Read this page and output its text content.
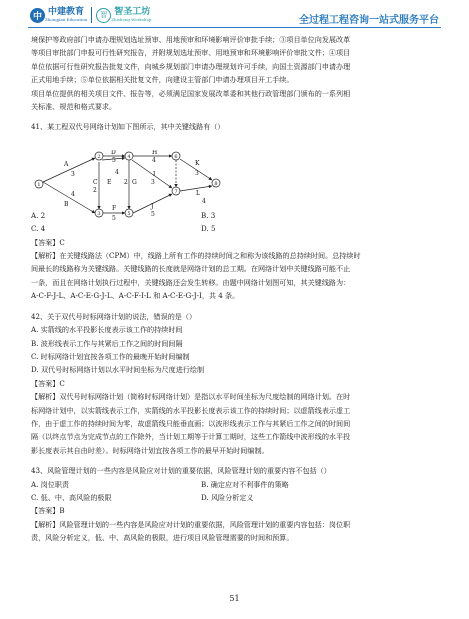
中 中建教育
Zhongjian Education
智 智圣工坊
Zhisheng Workshop	全过程工程咨询一站式服务平台

境保护等政府部门申请办理规划选址预审、用地预审和环境影响评价审批手续；③项目单位向发展改革

等项目审批部门申报可行性研究报告，并附规划选址预审、用地预审和环境影响评价审批文件；④项目

单位依据可行性研究报告批复文件，向城乡规划部门申请办理规划许可手续，向国土资源部门申请办理

正式用地手续；⑤单位依据相关批复文件，向建设主管部门申请办理项目开工手续。

项目单位提供的相关项目文件、报告等，必须满足国家发展改革委和其他行政管理部门颁布的一系列相

关标准、规范和格式要求。

41、某工程双代号网络计划如下图所示，其中关键线路有（）

A. 2	B. 3
C. 4	D. 5

【答案】C

【解析】在关键线路法（CPM）中，线路上所有工作的持续时间之和称为该线路的总持续时间。总持续时

间最长的线路称为关键线路。关键线路的长度就是网络计划的总工期。在网络计划中关键线路可能不止

一条，而且在网络计划执行过程中，关键线路还会发生转移。由题中网络计划图可知，其关键线路为：

A-C-F-J-L、A-C-E-G-J-L、A-C-F-I-L 和 A-C-E-G-J-I，共 4 条。

42、关于双代号时标网络计划的说法，错误的是（）

A. 实箭线的水平投影长度表示该工作的持续时间

B. 波形线表示工作与其紧后工作之间的时间间隔

C. 时标网络计划宜按各项工作的最晚开始时间编制

D. 双代号时标网络计划以水平时间坐标为尺度进行绘制

【答案】C

【解析】双代号时标网络计划（简称时标网络计划）是指以水平时间坐标为尺度绘制的网络计划。在时

标网络计划中，以实箭线表示工作，实箭线的水平投影长度表示该工作的持续时间；以虚箭线表示虚工

作，由于虚工作的持续时间为零，故虚箭线只能垂直画；以波形线表示工作与其紧后工作之间的时间间

隔（以终点节点为完成节点的工作除外，当计划工期等于计算工期时，这些工作箭线中波形线的水平投

影长度表示其自由时差）。时标网络计划宜按各项工作的最早开始时间编制。

43、风险管理计划的一些内容是风险应对计划的重要依据，风险管理计划的重要内容不包括（）

A. 岗位职责	B. 确定应对不利事件的策略
C. 低、中、高风险的极限	D. 风险分析定义

【答案】B

【解析】风险管理计划的一些内容是风险应对计划的重要依据，风险管理计划的重要内容包括：岗位职

责，风险分析定义，低、中、高风险的极限，进行项目风险管理需要的时间和预算。

1
2
3
4
5
6
7
8
A
3
B
4
C
2
D
5
E
4
F
5
G
2
H
4
I
3
J
5
K
3
L
4
51
